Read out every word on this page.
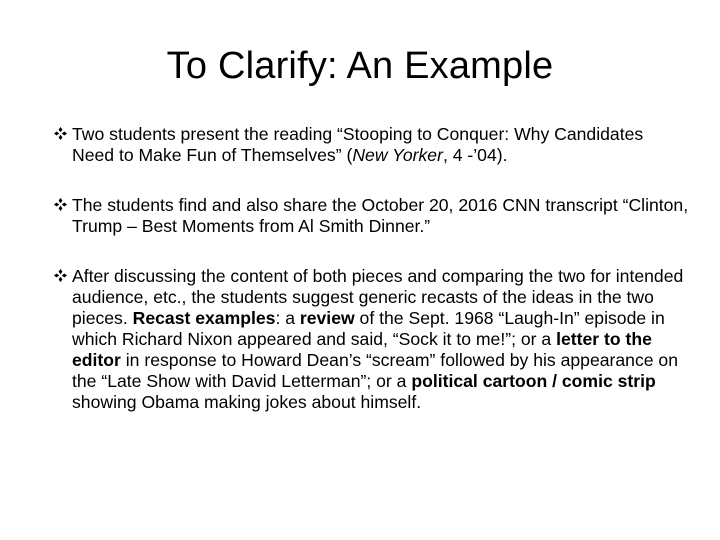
To Clarify: An Example
Two students present the reading “Stooping to Conquer: Why Candidates Need to Make Fun of Themselves” (New Yorker, 4 -’04).
The students find and also share the October 20, 2016 CNN transcript “Clinton, Trump – Best Moments from Al Smith Dinner.”
After discussing the content of both pieces and comparing the two for intended audience, etc., the students suggest generic recasts of the ideas in the two pieces. Recast examples: a review of the Sept. 1968 “Laugh-In” episode in which Richard Nixon appeared and said, “Sock it to me!”; or a letter to the editor in response to Howard Dean’s “scream” followed by his appearance on the “Late Show with David Letterman”; or a political cartoon / comic strip showing Obama making jokes about himself.
